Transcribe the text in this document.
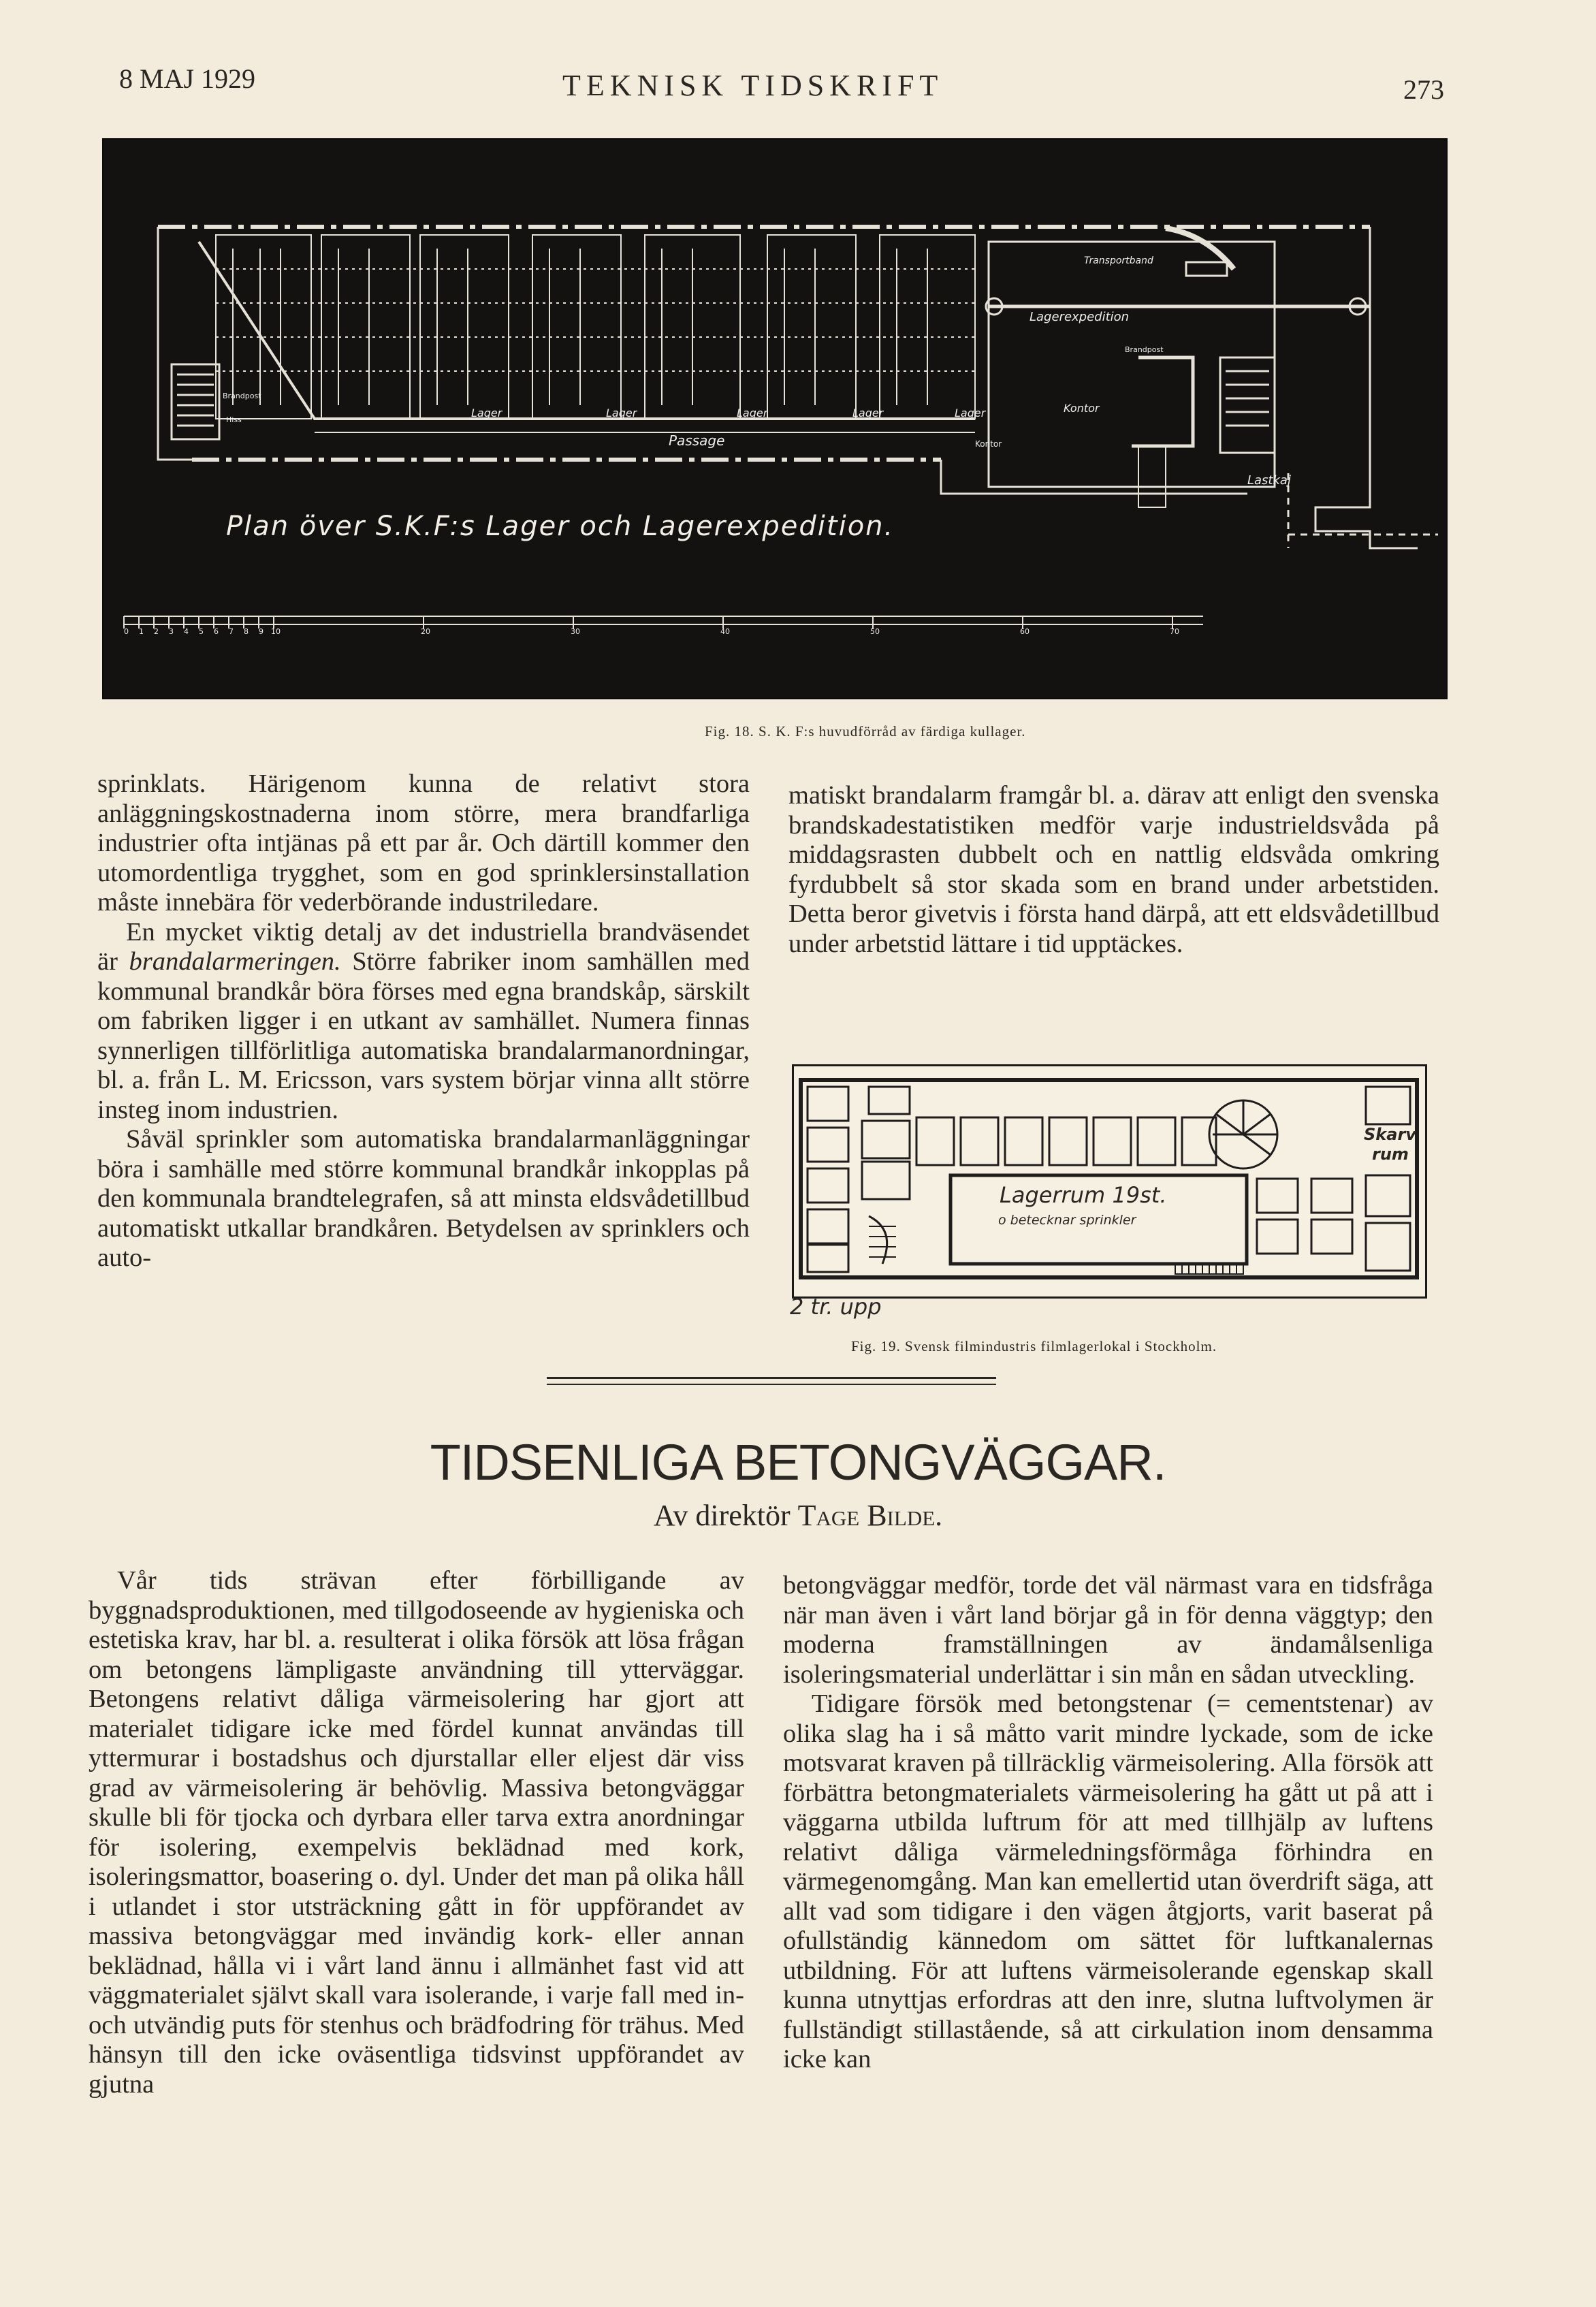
8 MAJ 1929	TEKNISK TIDSKRIFT	273
Plan över S.K.F:s Lager och Lagerexpedition.
Transportband
Lagerexpedition
Brandpost
Kontor
Kontor
Lastkaj
Lager	Lager	Lager	Lager	Lager
Passage
Brandpost
Hiss
0 1 2 3 4 5 6 7 8 9 10	20	30	40	50	60	70
Fig. 18. S. K. F:s huvudförråd av färdiga kullager.

sprinklats. Härigenom kunna de relativt stora anläggningskostnaderna inom större, mera brandfarliga industrier ofta intjänas på ett par år. Och därtill kommer den utomordentliga trygghet, som en god sprinklersinstallation måste innebära för vederbörande industriledare.

En mycket viktig detalj av det industriella brandväsendet är brandalarmeringen. Större fabriker inom samhällen med kommunal brandkår böra förses med egna brandskåp, särskilt om fabriken ligger i en utkant av samhället. Numera finnas synnerligen tillförlitliga automatiska brandalarmanordningar, bl. a. från L. M. Ericsson, vars system börjar vinna allt större insteg inom industrien.

Såväl sprinkler som automatiska brandalarmanläggningar böra i samhälle med större kommunal brandkår inkopplas på den kommunala brandtelegrafen, så att minsta eldsvådetillbud automatiskt utkallar brandkåren. Betydelsen av sprinklers och auto-

matiskt brandalarm framgår bl. a. därav att enligt den svenska brandskadestatistiken medför varje industrieldsvåda på middagsrasten dubbelt och en nattlig eldsvåda omkring fyrdubbelt så stor skada som en brand under arbetstiden. Detta beror givetvis i första hand därpå, att ett eldsvådetillbud under arbetstid lättare i tid upptäckes.

Lagerrum 19st.
o betecknar sprinkler
Skarv
rum
2 tr. upp
Fig. 19. Svensk filmindustris filmlagerlokal i Stockholm.
TIDSENLIGA BETONGVÄGGAR.
Av direktör Tage Bilde.

Vår tids strävan efter förbilligande av byggnadsproduktionen, med tillgodoseende av hygieniska och estetiska krav, har bl. a. resulterat i olika försök att lösa frågan om betongens lämpligaste användning till ytterväggar. Betongens relativt dåliga värmeisolering har gjort att materialet tidigare icke med fördel kunnat användas till yttermurar i bostadshus och djurstallar eller eljest där viss grad av värmeisolering är behövlig. Massiva betongväggar skulle bli för tjocka och dyrbara eller tarva extra anordningar för isolering, exempelvis beklädnad med kork, isoleringsmattor, boasering o. dyl. Under det man på olika håll i utlandet i stor utsträckning gått in för uppförandet av massiva betongväggar med invändig kork- eller annan beklädnad, hålla vi i vårt land ännu i allmänhet fast vid att väggmaterialet självt skall vara isolerande, i varje fall med in- och utvändig puts för stenhus och brädfodring för trähus. Med hänsyn till den icke oväsentliga tidsvinst uppförandet av gjutna

betongväggar medför, torde det väl närmast vara en tidsfråga när man även i vårt land börjar gå in för denna väggtyp; den moderna framställningen av ändamålsenliga isoleringsmaterial underlättar i sin mån en sådan utveckling.

Tidigare försök med betongstenar (= cementstenar) av olika slag ha i så måtto varit mindre lyckade, som de icke motsvarat kraven på tillräcklig värmeisolering. Alla försök att förbättra betongmaterialets värmeisolering ha gått ut på att i väggarna utbilda luftrum för att med tillhjälp av luftens relativt dåliga värmeledningsförmåga förhindra en värmegenomgång. Man kan emellertid utan överdrift säga, att allt vad som tidigare i den vägen åtgjorts, varit baserat på ofullständig kännedom om sättet för luftkanalernas utbildning. För att luftens värmeisolerande egenskap skall kunna utnyttjas erfordras att den inre, slutna luftvolymen är fullständigt stillastående, så att cirkulation inom densamma icke kan
